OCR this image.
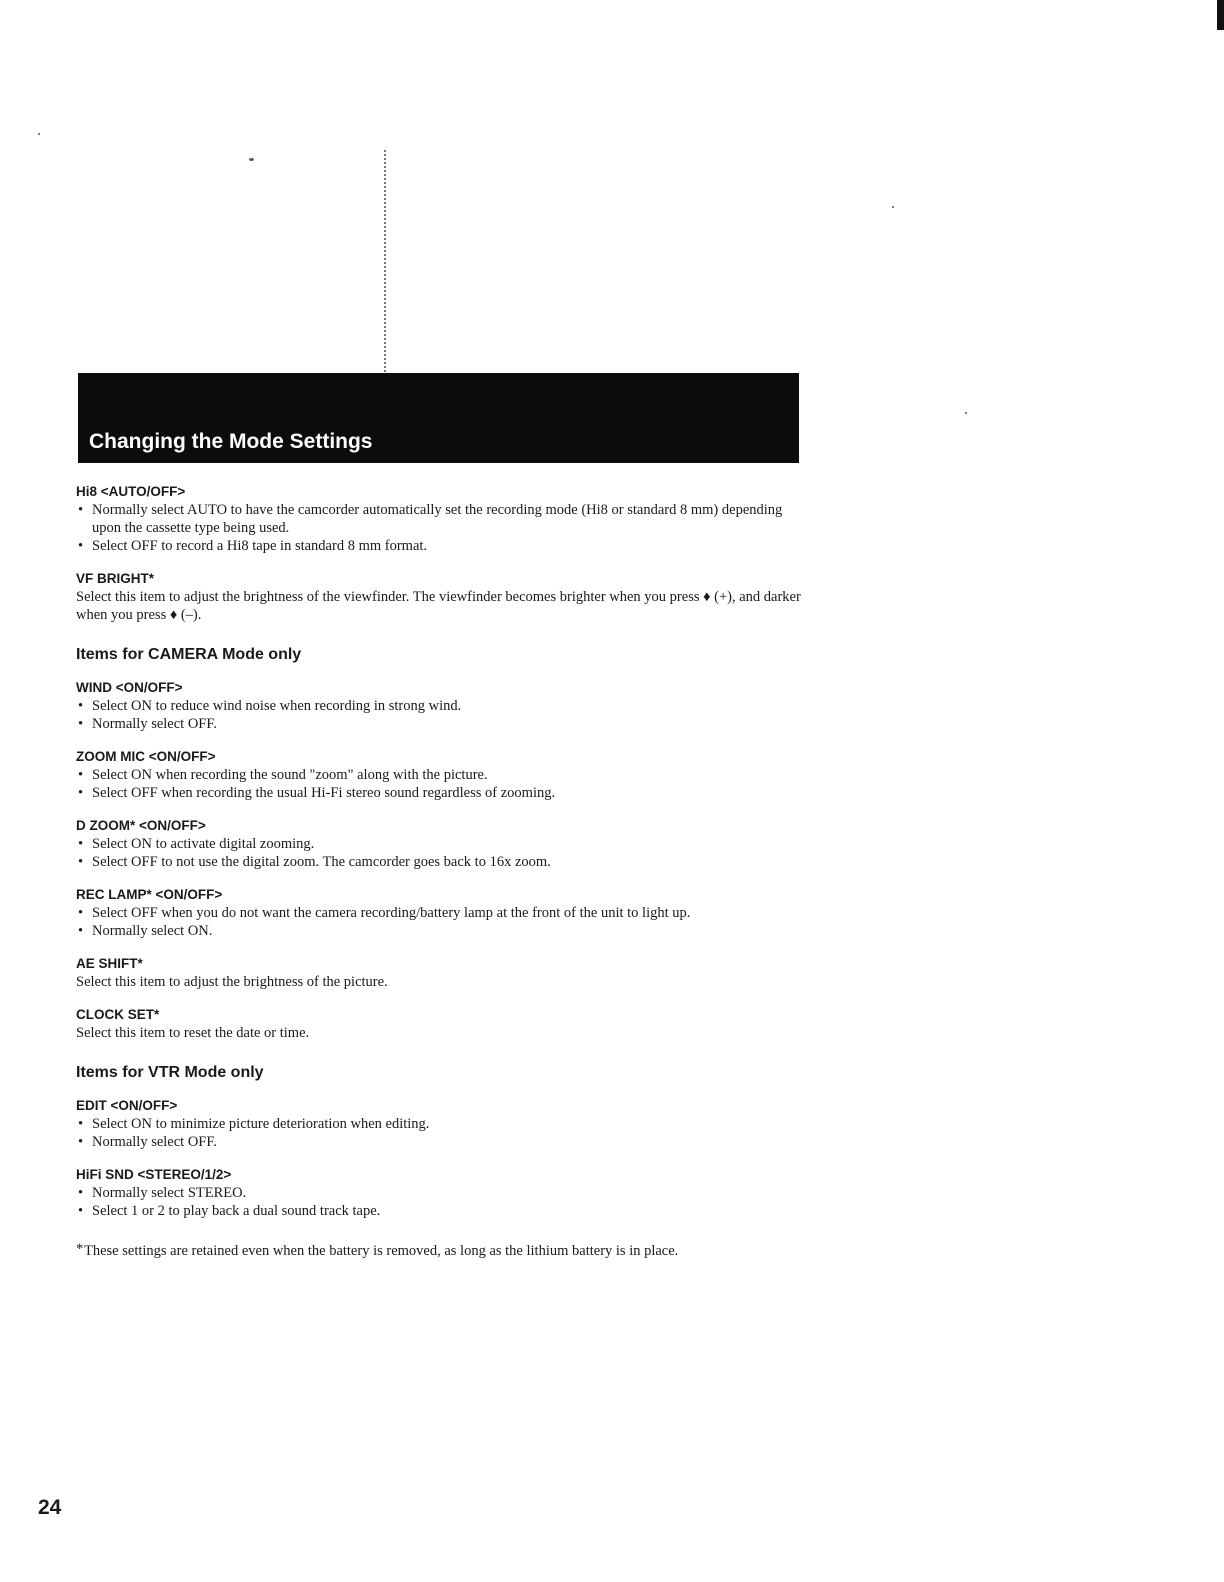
Changing the Mode Settings

Hi8 <AUTO/OFF>

• Normally select AUTO to have the camcorder automatically set the recording mode (Hi8 or standard 8 mm) depending upon the cassette type being used.
• Select OFF to record a Hi8 tape in standard 8 mm format.

VF BRIGHT*

Select this item to adjust the brightness of the viewfinder. The viewfinder becomes brighter when you press ♦ (+), and darker when you press ♦ (–).

Items for CAMERA Mode only

WIND <ON/OFF>

• Select ON to reduce wind noise when recording in strong wind.
• Normally select OFF.

ZOOM MIC <ON/OFF>

• Select ON when recording the sound "zoom" along with the picture.
• Select OFF when recording the usual Hi-Fi stereo sound regardless of zooming.

D ZOOM* <ON/OFF>

• Select ON to activate digital zooming.
• Select OFF to not use the digital zoom. The camcorder goes back to 16x zoom.

REC LAMP* <ON/OFF>

• Select OFF when you do not want the camera recording/battery lamp at the front of the unit to light up.
• Normally select ON.

AE SHIFT*

Select this item to adjust the brightness of the picture.

CLOCK SET*

Select this item to reset the date or time.

Items for VTR Mode only

EDIT <ON/OFF>

• Select ON to minimize picture deterioration when editing.
• Normally select OFF.

HiFi SND <STEREO/1/2>

• Normally select STEREO.
• Select 1 or 2 to play back a dual sound track tape.
* These settings are retained even when the battery is removed, as long as the lithium battery is in place.
24
